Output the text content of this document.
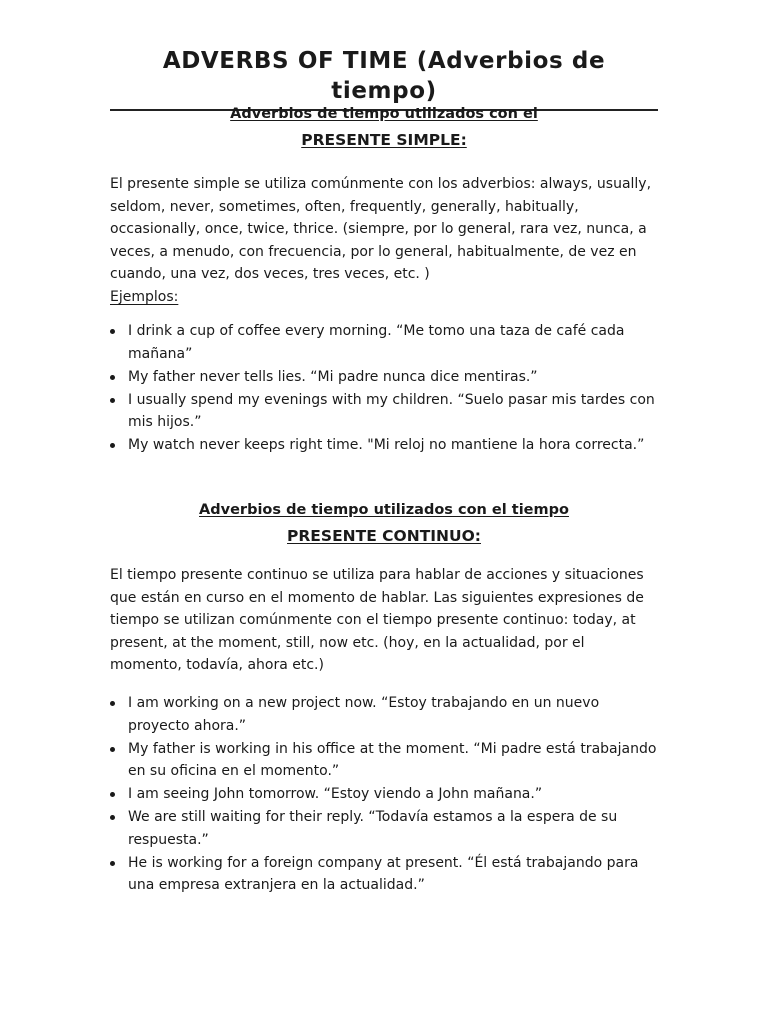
ADVERBS OF TIME (Adverbios de tiempo)
Adverbios de tiempo utilizados con el
PRESENTE SIMPLE:

El presente simple se utiliza comúnmente con los adverbios: always, usually, seldom, never, sometimes, often, frequently, generally, habitually, occasionally, once, twice, thrice. (siempre, por lo general, rara vez, nunca, a veces, a menudo, con frecuencia, por lo general, habitualmente, de vez en cuando, una vez, dos veces, tres veces, etc. )

Ejemplos:
I drink a cup of coffee every morning. “Me tomo una taza de café cada mañana”
My father never tells lies. “Mi padre nunca dice mentiras.”
I usually spend my evenings with my children. “Suelo pasar mis tardes con mis hijos.”
My watch never keeps right time. "Mi reloj no mantiene la hora correcta.”
Adverbios de tiempo utilizados con el tiempo
PRESENTE CONTINUO:

El tiempo presente continuo se utiliza para hablar de acciones y situaciones que están en curso en el momento de hablar. Las siguientes expresiones de tiempo se utilizan comúnmente con el tiempo presente continuo: today, at present, at the moment, still, now etc. (hoy, en la actualidad, por el momento, todavía, ahora etc.)

I am working on a new project now. “Estoy trabajando en un nuevo proyecto ahora.”
My father is working in his office at the moment. “Mi padre está trabajando en su oficina en el momento.”
I am seeing John tomorrow. “Estoy viendo a John mañana.”
We are still waiting for their reply. “Todavía estamos a la espera de su respuesta.”
He is working for a foreign company at present. “Él está trabajando para una empresa extranjera en la actualidad.”
